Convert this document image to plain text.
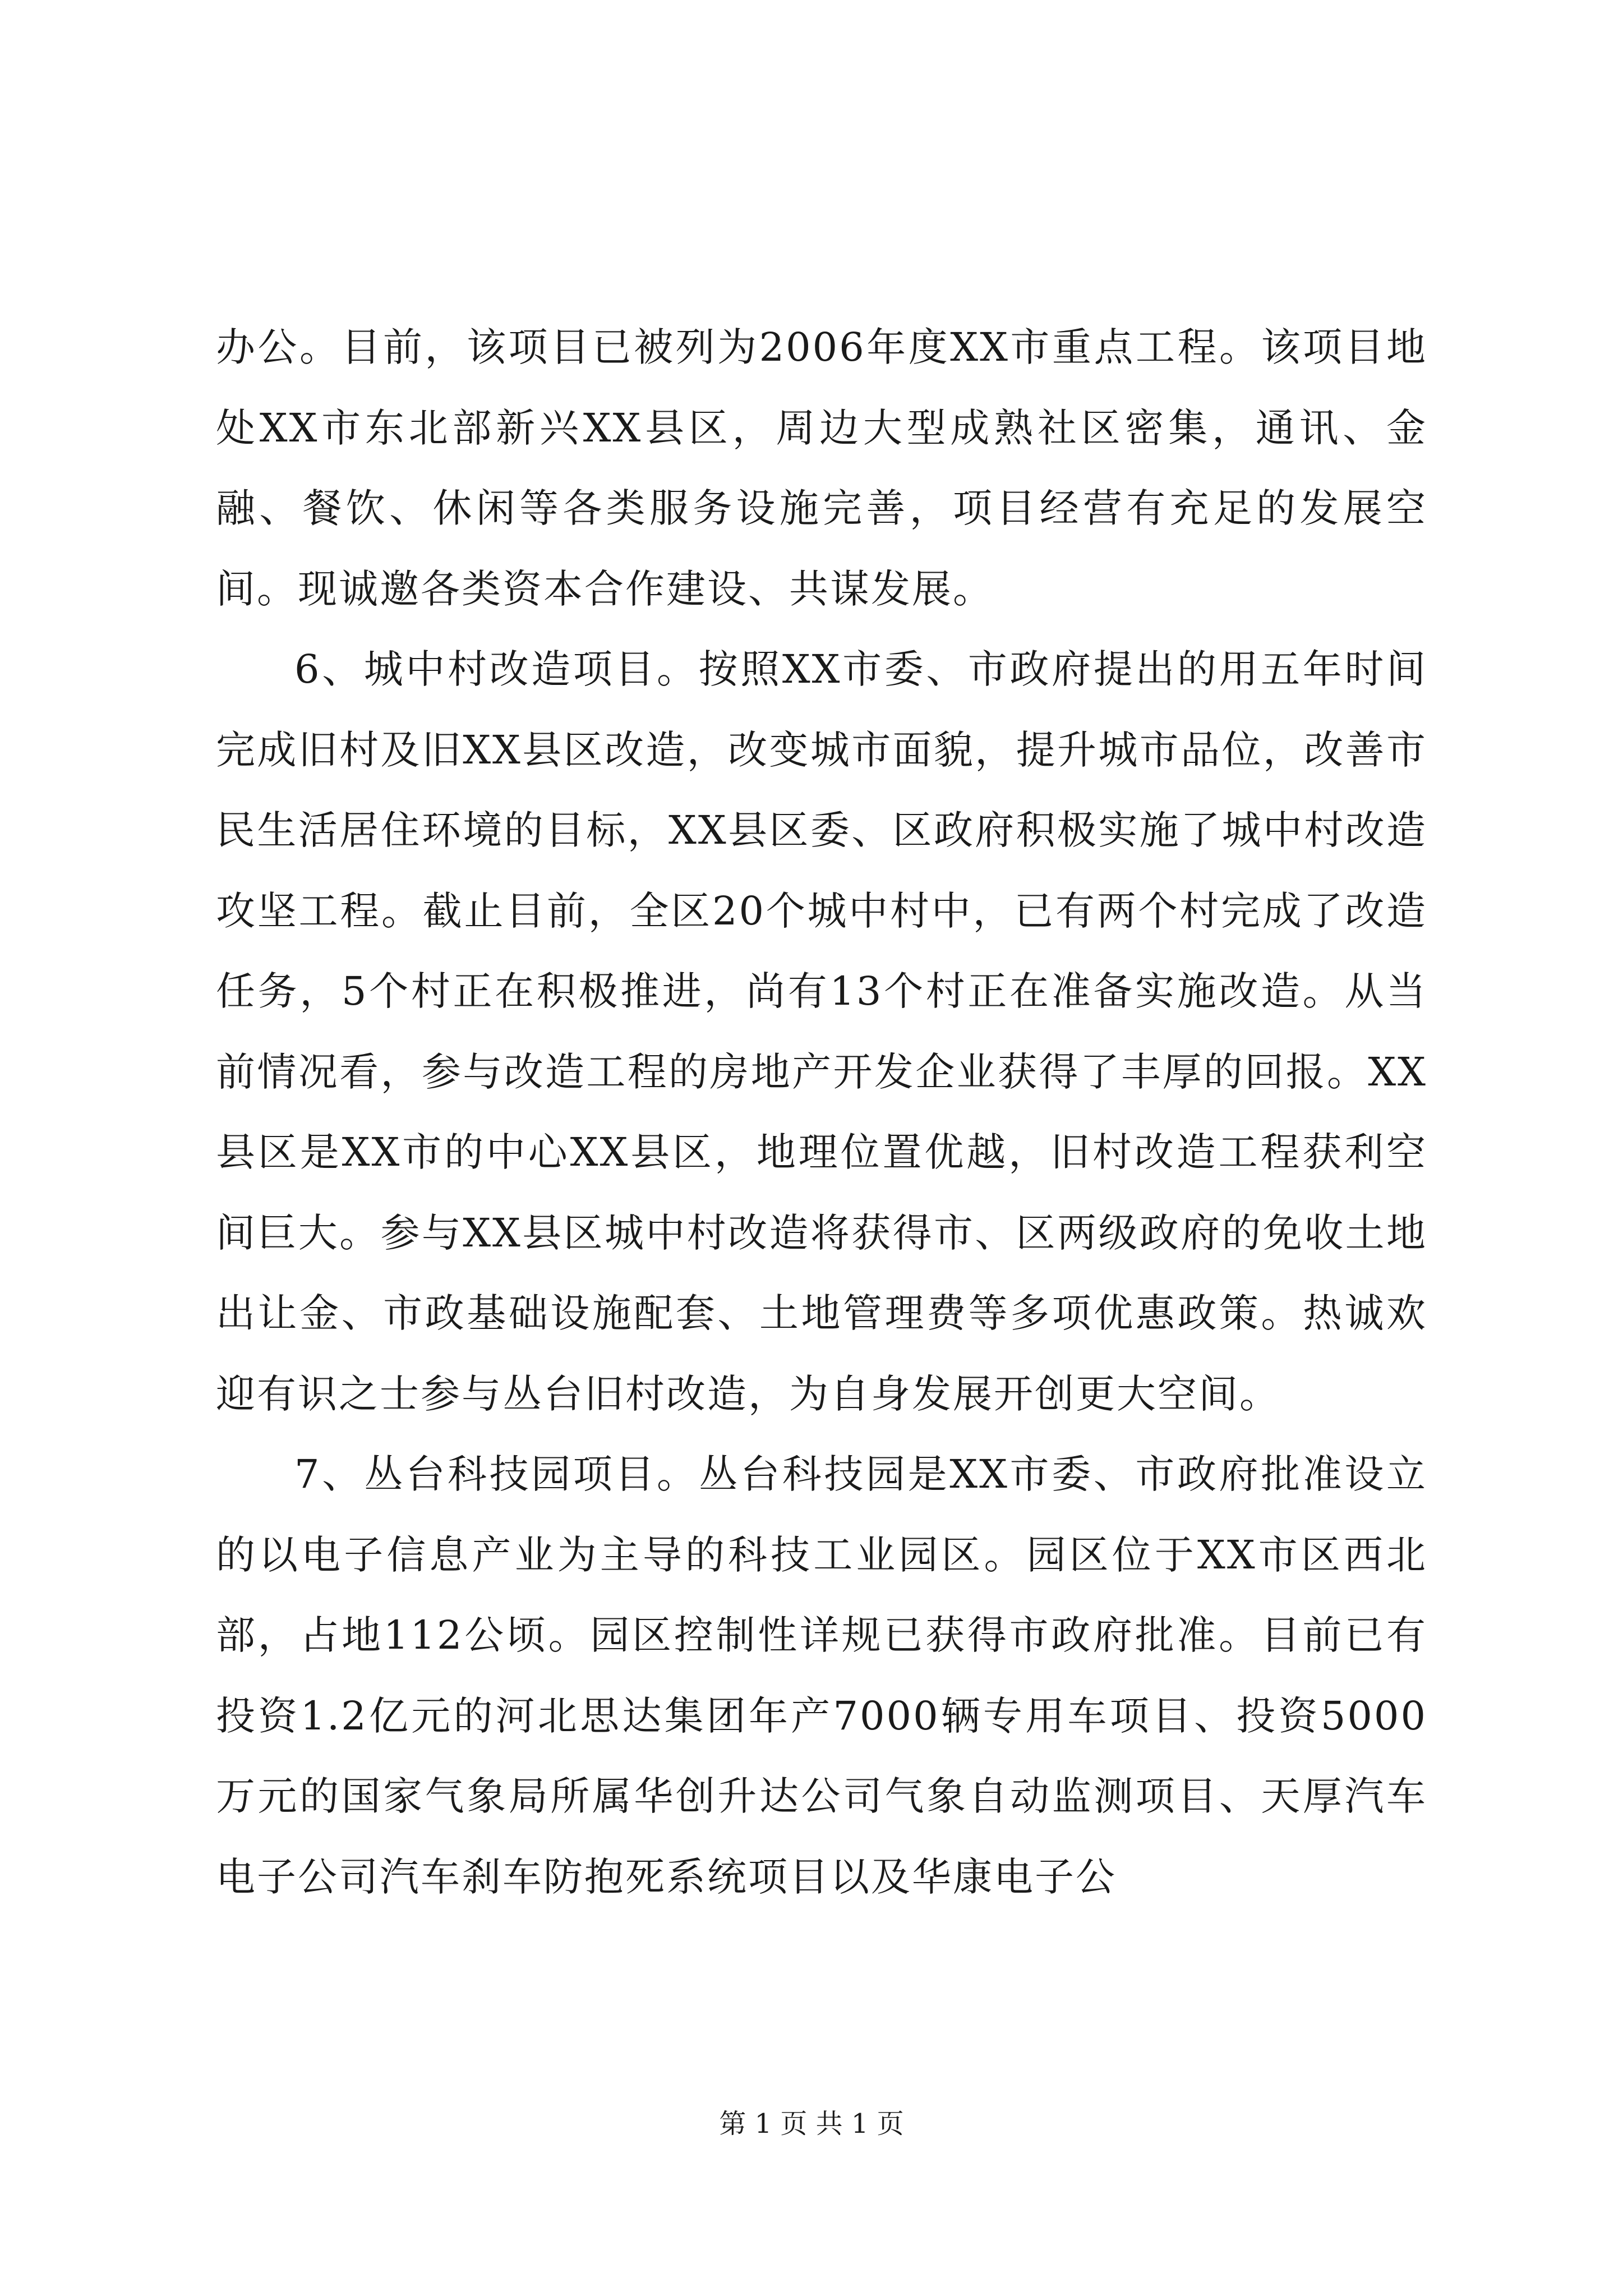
办公。目前，该项目已被列为2006年度XX市重点工程。该项目地处XX市东北部新兴XX县区，周边大型成熟社区密集，通讯、金融、餐饮、休闲等各类服务设施完善，项目经营有充足的发展空间。现诚邀各类资本合作建设、共谋发展。

6、城中村改造项目。按照XX市委、市政府提出的用五年时间完成旧村及旧XX县区改造，改变城市面貌，提升城市品位，改善市民生活居住环境的目标，XX县区委、区政府积极实施了城中村改造攻坚工程。截止目前，全区20个城中村中，已有两个村完成了改造任务，5个村正在积极推进，尚有13个村正在准备实施改造。从当前情况看，参与改造工程的房地产开发企业获得了丰厚的回报。XX县区是XX市的中心XX县区，地理位置优越，旧村改造工程获利空间巨大。参与XX县区城中村改造将获得市、区两级政府的免收土地出让金、市政基础设施配套、土地管理费等多项优惠政策。热诚欢迎有识之士参与丛台旧村改造，为自身发展开创更大空间。

7、丛台科技园项目。丛台科技园是XX市委、市政府批准设立的以电子信息产业为主导的科技工业园区。园区位于XX市区西北部，占地112公顷。园区控制性详规已获得市政府批准。目前已有投资1.2亿元的河北思达集团年产7000辆专用车项目、投资5000万元的国家气象局所属华创升达公司气象自动监测项目、天厚汽车电子公司汽车刹车防抱死系统项目以及华康电子公

第 1 页 共 1 页
